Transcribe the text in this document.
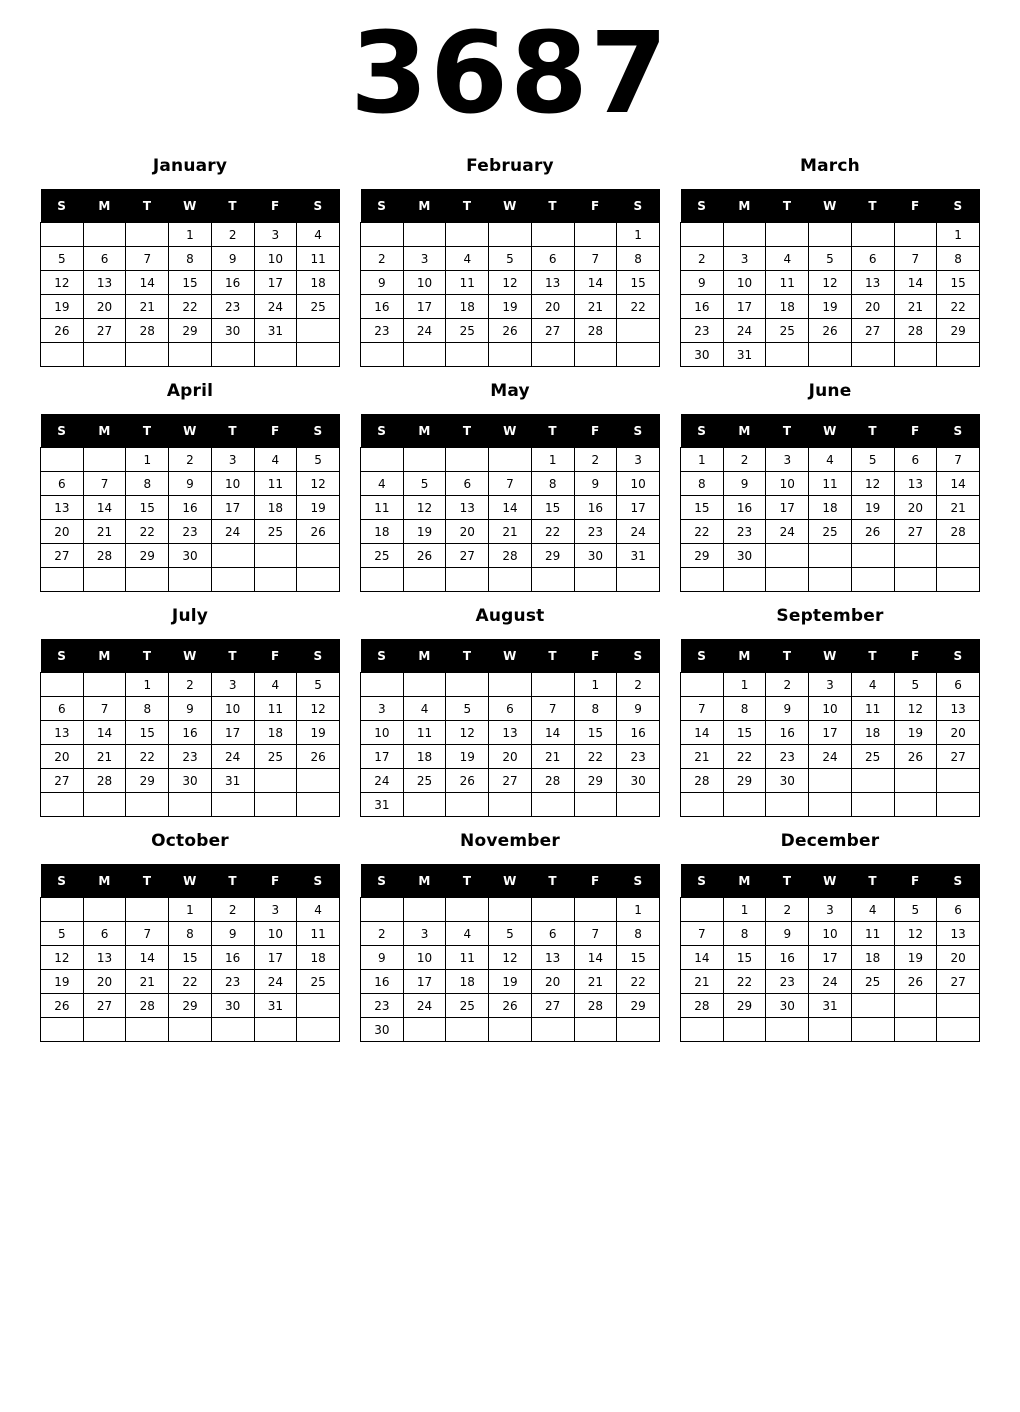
3687
January
S	M	T	W	T	F	S
			1	2	3	4
5	6	7	8	9	10	11
12	13	14	15	16	17	18
19	20	21	22	23	24	25
26	27	28	29	30	31	

February
S	M	T	W	T	F	S
						1
2	3	4	5	6	7	8
9	10	11	12	13	14	15
16	17	18	19	20	21	22
23	24	25	26	27	28	

March
S	M	T	W	T	F	S
						1
2	3	4	5	6	7	8
9	10	11	12	13	14	15
16	17	18	19	20	21	22
23	24	25	26	27	28	29
30	31					
April
S	M	T	W	T	F	S
		1	2	3	4	5
6	7	8	9	10	11	12
13	14	15	16	17	18	19
20	21	22	23	24	25	26
27	28	29	30			

May
S	M	T	W	T	F	S
				1	2	3
4	5	6	7	8	9	10
11	12	13	14	15	16	17
18	19	20	21	22	23	24
25	26	27	28	29	30	31

June
S	M	T	W	T	F	S
1	2	3	4	5	6	7
8	9	10	11	12	13	14
15	16	17	18	19	20	21
22	23	24	25	26	27	28
29	30					

July
S	M	T	W	T	F	S
		1	2	3	4	5
6	7	8	9	10	11	12
13	14	15	16	17	18	19
20	21	22	23	24	25	26
27	28	29	30	31		

August
S	M	T	W	T	F	S
					1	2
3	4	5	6	7	8	9
10	11	12	13	14	15	16
17	18	19	20	21	22	23
24	25	26	27	28	29	30
31						
September
S	M	T	W	T	F	S
	1	2	3	4	5	6
7	8	9	10	11	12	13
14	15	16	17	18	19	20
21	22	23	24	25	26	27
28	29	30				

October
S	M	T	W	T	F	S
			1	2	3	4
5	6	7	8	9	10	11
12	13	14	15	16	17	18
19	20	21	22	23	24	25
26	27	28	29	30	31	

November
S	M	T	W	T	F	S
						1
2	3	4	5	6	7	8
9	10	11	12	13	14	15
16	17	18	19	20	21	22
23	24	25	26	27	28	29
30						
December
S	M	T	W	T	F	S
	1	2	3	4	5	6
7	8	9	10	11	12	13
14	15	16	17	18	19	20
21	22	23	24	25	26	27
28	29	30	31			
